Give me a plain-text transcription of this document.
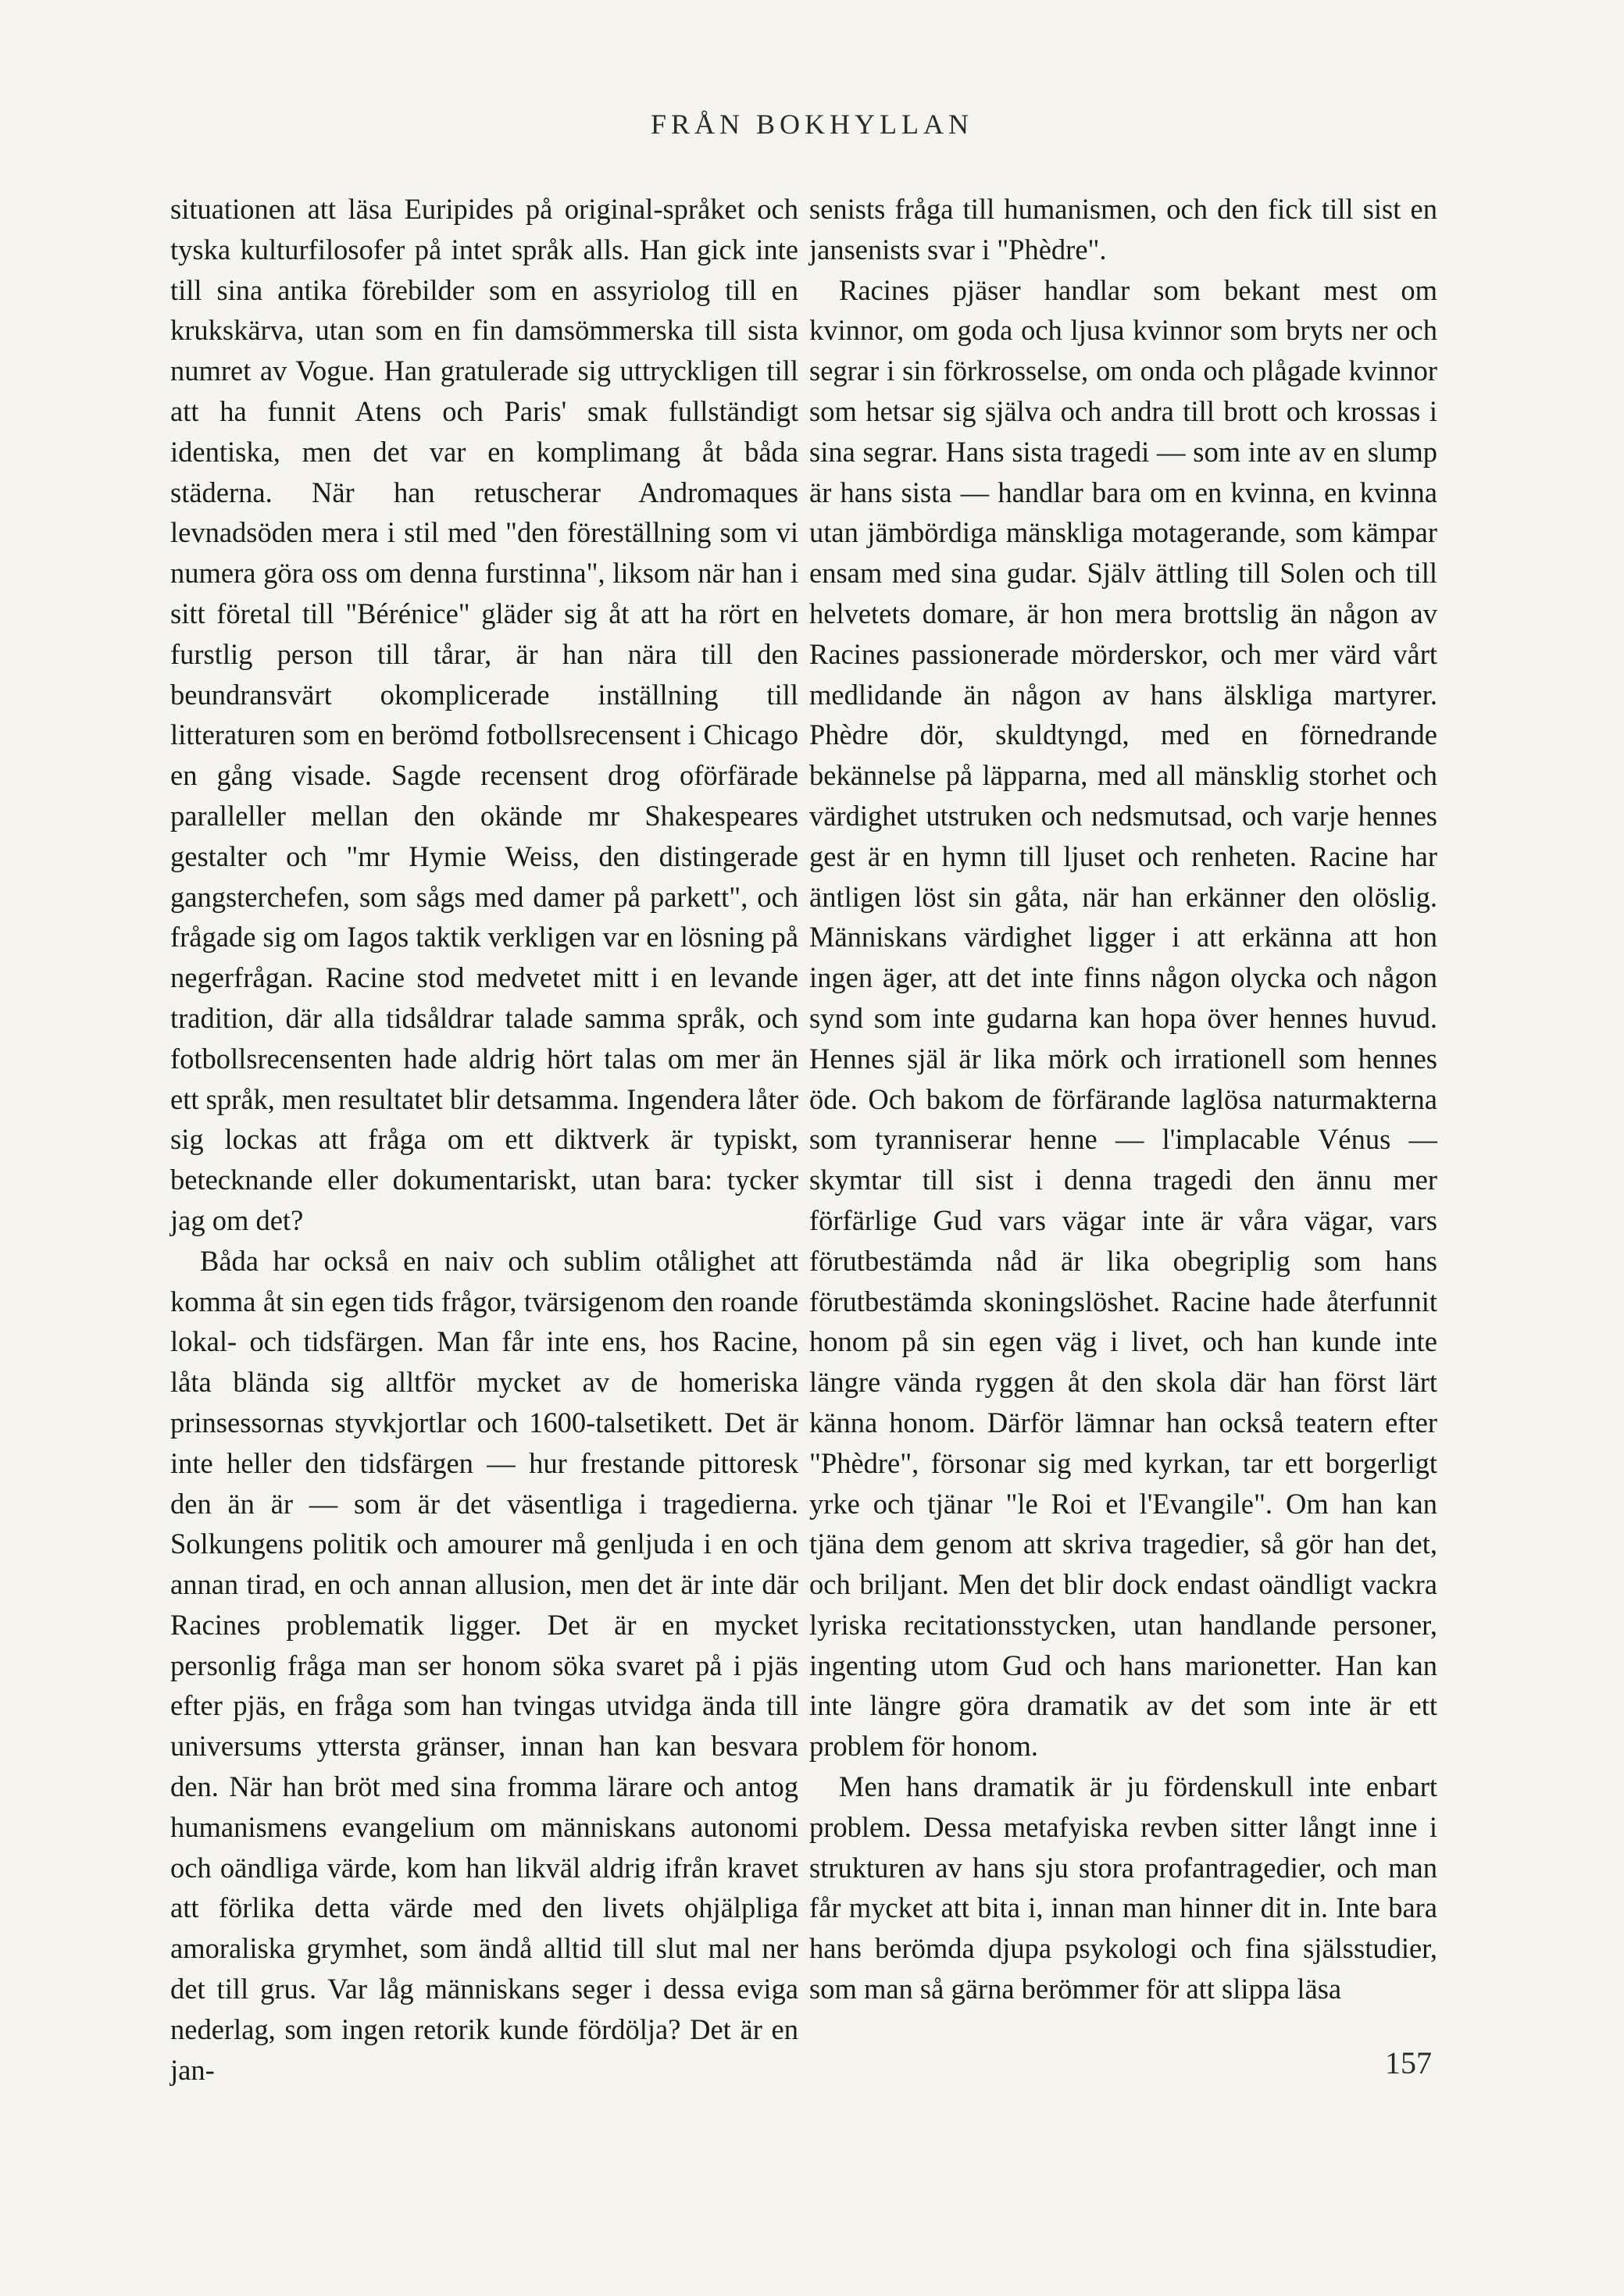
FRÅN BOKHYLLAN

situationen att läsa Euripides på original-språket och tyska kulturfilosofer på intet språk alls. Han gick inte till sina antika förebilder som en assyriolog till en krukskärva, utan som en fin damsömmerska till sista numret av Vogue. Han gratulerade sig uttryckligen till att ha funnit Atens och Paris' smak fullständigt identiska, men det var en komplimang åt båda städerna. När han retuscherar Andromaques levnadsöden mera i stil med "den föreställning som vi numera göra oss om denna furstinna", liksom när han i sitt företal till "Bérénice" gläder sig åt att ha rört en furstlig person till tårar, är han nära till den beundransvärt okomplicerade inställning till litteraturen som en berömd fotbollsrecensent i Chicago en gång visade. Sagde recensent drog oförfärade paralleller mellan den okände mr Shakespeares gestalter och "mr Hymie Weiss, den distingerade gangsterchefen, som sågs med damer på parkett", och frågade sig om Iagos taktik verkligen var en lösning på negerfrågan. Racine stod medvetet mitt i en levande tradition, där alla tidsåldrar talade samma språk, och fotbollsrecensenten hade aldrig hört talas om mer än ett språk, men resultatet blir detsamma. Ingendera låter sig lockas att fråga om ett diktverk är typiskt, betecknande eller dokumentariskt, utan bara: tycker jag om det?

Båda har också en naiv och sublim otålighet att komma åt sin egen tids frågor, tvärsigenom den roande lokal- och tidsfärgen. Man får inte ens, hos Racine, låta blända sig alltför mycket av de homeriska prinsessornas styvkjortlar och 1600-talsetikett. Det är inte heller den tidsfärgen — hur frestande pittoresk den än är — som är det väsentliga i tragedierna. Solkungens politik och amourer må genljuda i en och annan tirad, en och annan allusion, men det är inte där Racines problematik ligger. Det är en mycket personlig fråga man ser honom söka svaret på i pjäs efter pjäs, en fråga som han tvingas utvidga ända till universums yttersta gränser, innan han kan besvara den. När han bröt med sina fromma lärare och antog humanismens evangelium om människans autonomi och oändliga värde, kom han likväl aldrig ifrån kravet att förlika detta värde med den livets ohjälpliga amoraliska grymhet, som ändå alltid till slut mal ner det till grus. Var låg människans seger i dessa eviga nederlag, som ingen retorik kunde fördölja? Det är en jan-

senists fråga till humanismen, och den fick till sist en jansenists svar i "Phèdre".

Racines pjäser handlar som bekant mest om kvinnor, om goda och ljusa kvinnor som bryts ner och segrar i sin förkrosselse, om onda och plågade kvinnor som hetsar sig själva och andra till brott och krossas i sina segrar. Hans sista tragedi — som inte av en slump är hans sista — handlar bara om en kvinna, en kvinna utan jämbördiga mänskliga motagerande, som kämpar ensam med sina gudar. Själv ättling till Solen och till helvetets domare, är hon mera brottslig än någon av Racines passionerade mörderskor, och mer värd vårt medlidande än någon av hans älskliga martyrer. Phèdre dör, skuldtyngd, med en förnedrande bekännelse på läpparna, med all mänsklig storhet och värdighet utstruken och nedsmutsad, och varje hennes gest är en hymn till ljuset och renheten. Racine har äntligen löst sin gåta, när han erkänner den olöslig. Människans värdighet ligger i att erkänna att hon ingen äger, att det inte finns någon olycka och någon synd som inte gudarna kan hopa över hennes huvud. Hennes själ är lika mörk och irrationell som hennes öde. Och bakom de förfärande laglösa naturmakterna som tyranniserar henne — l'implacable Vénus — skymtar till sist i denna tragedi den ännu mer förfärlige Gud vars vägar inte är våra vägar, vars förutbestämda nåd är lika obegriplig som hans förutbestämda skoningslöshet. Racine hade återfunnit honom på sin egen väg i livet, och han kunde inte längre vända ryggen åt den skola där han först lärt känna honom. Därför lämnar han också teatern efter "Phèdre", försonar sig med kyrkan, tar ett borgerligt yrke och tjänar "le Roi et l'Evangile". Om han kan tjäna dem genom att skriva tragedier, så gör han det, och briljant. Men det blir dock endast oändligt vackra lyriska recitationsstycken, utan handlande personer, ingenting utom Gud och hans marionetter. Han kan inte längre göra dramatik av det som inte är ett problem för honom.

Men hans dramatik är ju fördenskull inte enbart problem. Dessa metafyiska revben sitter långt inne i strukturen av hans sju stora profantragedier, och man får mycket att bita i, innan man hinner dit in. Inte bara hans berömda djupa psykologi och fina själsstudier, som man så gärna berömmer för att slippa läsa

157
